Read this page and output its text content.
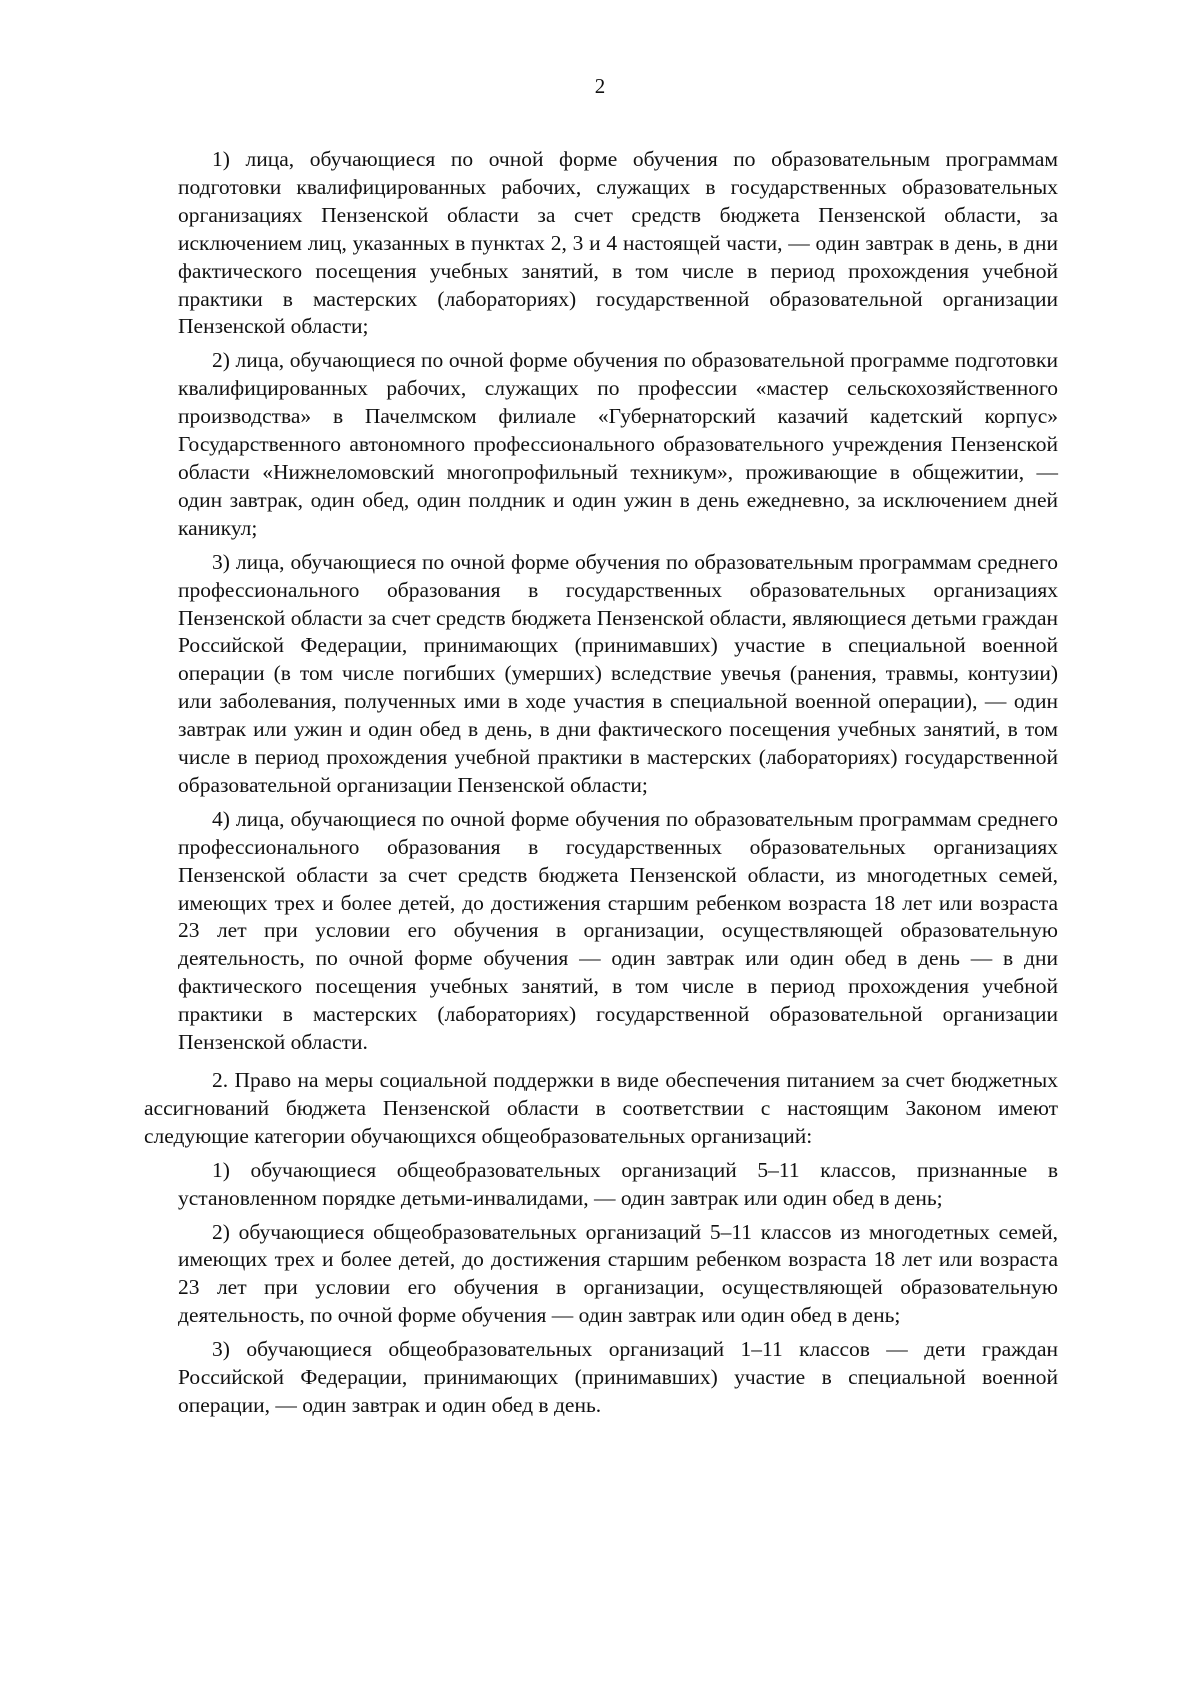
2

1) лица, обучающиеся по очной форме обучения по образовательным программам подготовки квалифицированных рабочих, служащих в государственных образовательных организациях Пензенской области за счет средств бюджета Пензенской области, за исключением лиц, указанных в пунктах 2, 3 и 4 настоящей части, — один завтрак в день, в дни фактического посещения учебных занятий, в том числе в период прохождения учебной практики в мастерских (лабораториях) государственной образовательной организации Пензенской области;

2) лица, обучающиеся по очной форме обучения по образовательной программе подготовки квалифицированных рабочих, служащих по профессии «мастер сельскохозяйственного производства» в Пачелмском филиале «Губернаторский казачий кадетский корпус» Государственного автономного профессионального образовательного учреждения Пензенской области «Нижнеломовский многопрофильный техникум», проживающие в общежитии, — один завтрак, один обед, один полдник и один ужин в день ежедневно, за исключением дней каникул;

3) лица, обучающиеся по очной форме обучения по образовательным программам среднего профессионального образования в государственных образовательных организациях Пензенской области за счет средств бюджета Пензенской области, являющиеся детьми граждан Российской Федерации, принимающих (принимавших) участие в специальной военной операции (в том числе погибших (умерших) вследствие увечья (ранения, травмы, контузии) или заболевания, полученных ими в ходе участия в специальной военной операции), — один завтрак или ужин и один обед в день, в дни фактического посещения учебных занятий, в том числе в период прохождения учебной практики в мастерских (лабораториях) государственной образовательной организации Пензенской области;

4) лица, обучающиеся по очной форме обучения по образовательным программам среднего профессионального образования в государственных образовательных организациях Пензенской области за счет средств бюджета Пензенской области, из многодетных семей, имеющих трех и более детей, до достижения старшим ребенком возраста 18 лет или возраста 23 лет при условии его обучения в организации, осуществляющей образовательную деятельность, по очной форме обучения — один завтрак или один обед в день — в дни фактического посещения учебных занятий, в том числе в период прохождения учебной практики в мастерских (лабораториях) государственной образовательной организации Пензенской области.

2. Право на меры социальной поддержки в виде обеспечения питанием за счет бюджетных ассигнований бюджета Пензенской области в соответствии с настоящим Законом имеют следующие категории обучающихся общеобразовательных организаций:

1) обучающиеся общеобразовательных организаций 5–11 классов, признанные в установленном порядке детьми-инвалидами, — один завтрак или один обед в день;

2) обучающиеся общеобразовательных организаций 5–11 классов из многодетных семей, имеющих трех и более детей, до достижения старшим ребенком возраста 18 лет или возраста 23 лет при условии его обучения в организации, осуществляющей образовательную деятельность, по очной форме обучения — один завтрак или один обед в день;

3) обучающиеся общеобразовательных организаций 1–11 классов — дети граждан Российской Федерации, принимающих (принимавших) участие в специальной военной операции, — один завтрак и один обед в день.
